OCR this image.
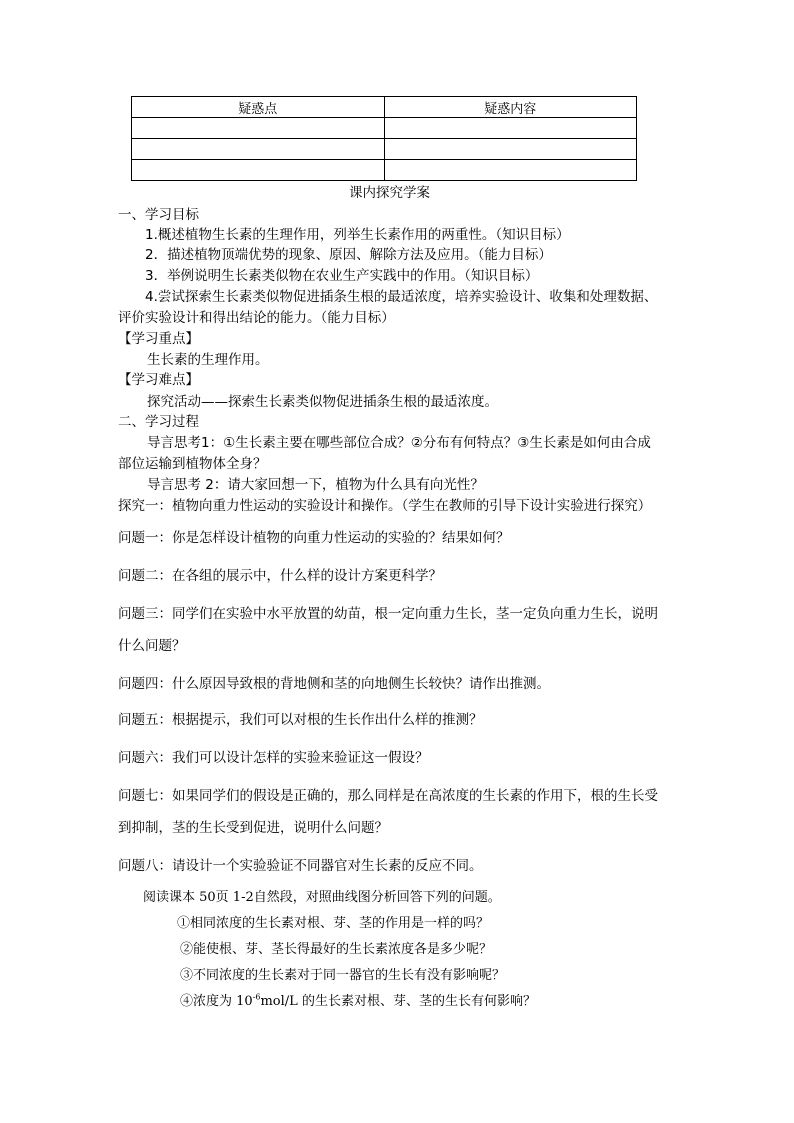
疑惑点	疑惑内容

课内探究学案
一、学习目标
1.概述植物生长素的生理作用，列举生长素作用的两重性。（知识目标）
2．描述植物顶端优势的现象、原因、解除方法及应用。（能力目标）
3．举例说明生长素类似物在农业生产实践中的作用。（知识目标）
4.尝试探索生长素类似物促进插条生根的最适浓度，培养实验设计、收集和处理数据、
评价实验设计和得出结论的能力。（能力目标）
【学习重点】
生长素的生理作用。
【学习难点】
探究活动——探索生长素类似物促进插条生根的最适浓度。
二、学习过程
导言思考1：①生长素主要在哪些部位合成？②分布有何特点？③生长素是如何由合成
部位运输到植物体全身？
导言思考 2：请大家回想一下，植物为什么具有向光性？
探究一：植物向重力性运动的实验设计和操作。（学生在教师的引导下设计实验进行探究）
问题一：你是怎样设计植物的向重力性运动的实验的？结果如何？
问题二：在各组的展示中，什么样的设计方案更科学？
问题三：同学们在实验中水平放置的幼苗，根一定向重力生长，茎一定负向重力生长，说明
什么问题？
问题四：什么原因导致根的背地侧和茎的向地侧生长较快？请作出推测。
问题五：根据提示，我们可以对根的生长作出什么样的推测？
问题六：我们可以设计怎样的实验来验证这一假设？
问题七：如果同学们的假设是正确的，那么同样是在高浓度的生长素的作用下，根的生长受
到抑制，茎的生长受到促进，说明什么问题？
问题八：请设计一个实验验证不同器官对生长素的反应不同。
阅读课本 50页 1-2自然段，对照曲线图分析回答下列的问题。
①相同浓度的生长素对根、芽、茎的作用是一样的吗？
②能使根、芽、茎长得最好的生长素浓度各是多少呢？
③不同浓度的生长素对于同一器官的生长有没有影响呢？
④浓度为 $10^{-6}mol/L$ 的生长素对根、芽、茎的生长有何影响？
